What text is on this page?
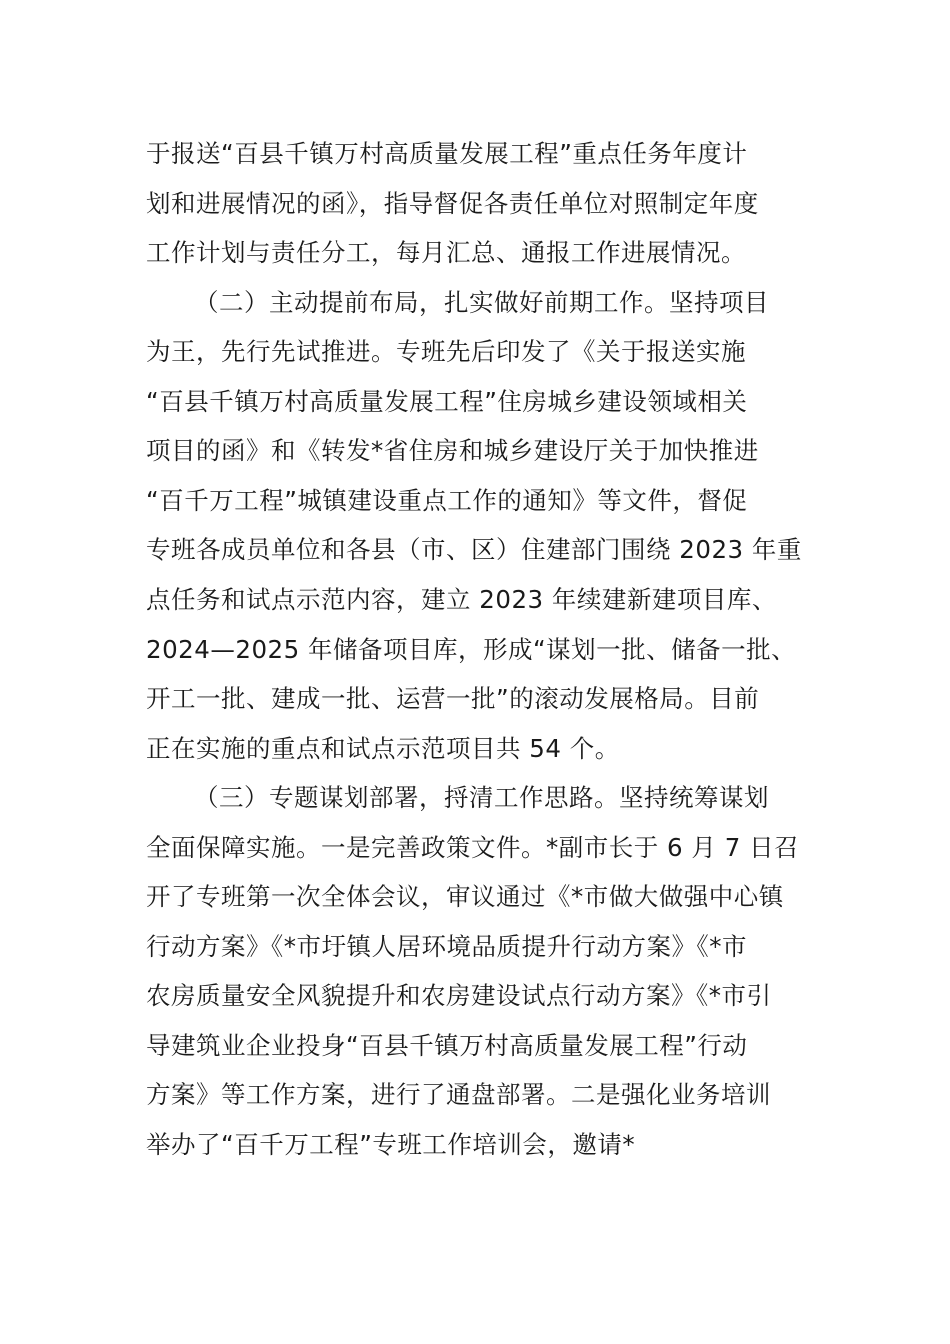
于报送“百县千镇万村高质量发展工程”重点任务年度计
划和进展情况的函》，指导督促各责任单位对照制定年度
工作计划与责任分工，每月汇总、通报工作进展情况。
（二）主动提前布局，扎实做好前期工作。坚持项目
为王，先行先试推进。专班先后印发了《关于报送实施
“百县千镇万村高质量发展工程”住房城乡建设领域相关
项目的函》和《转发*省住房和城乡建设厅关于加快推进
“百千万工程”城镇建设重点工作的通知》等文件，督促
专班各成员单位和各县（市、区）住建部门围绕 2023 年重
点任务和试点示范内容，建立 2023 年续建新建项目库、
2024—2025 年储备项目库，形成“谋划一批、储备一批、
开工一批、建成一批、运营一批”的滚动发展格局。目前
正在实施的重点和试点示范项目共 54 个。
（三）专题谋划部署，捋清工作思路。坚持统筹谋划
全面保障实施。一是完善政策文件。*副市长于 6 月 7 日召
开了专班第一次全体会议，审议通过《*市做大做强中心镇
行动方案》《*市圩镇人居环境品质提升行动方案》《*市
农房质量安全风貌提升和农房建设试点行动方案》《*市引
导建筑业企业投身“百县千镇万村高质量发展工程”行动
方案》等工作方案，进行了通盘部署。二是强化业务培训
举办了“百千万工程”专班工作培训会，邀请*
